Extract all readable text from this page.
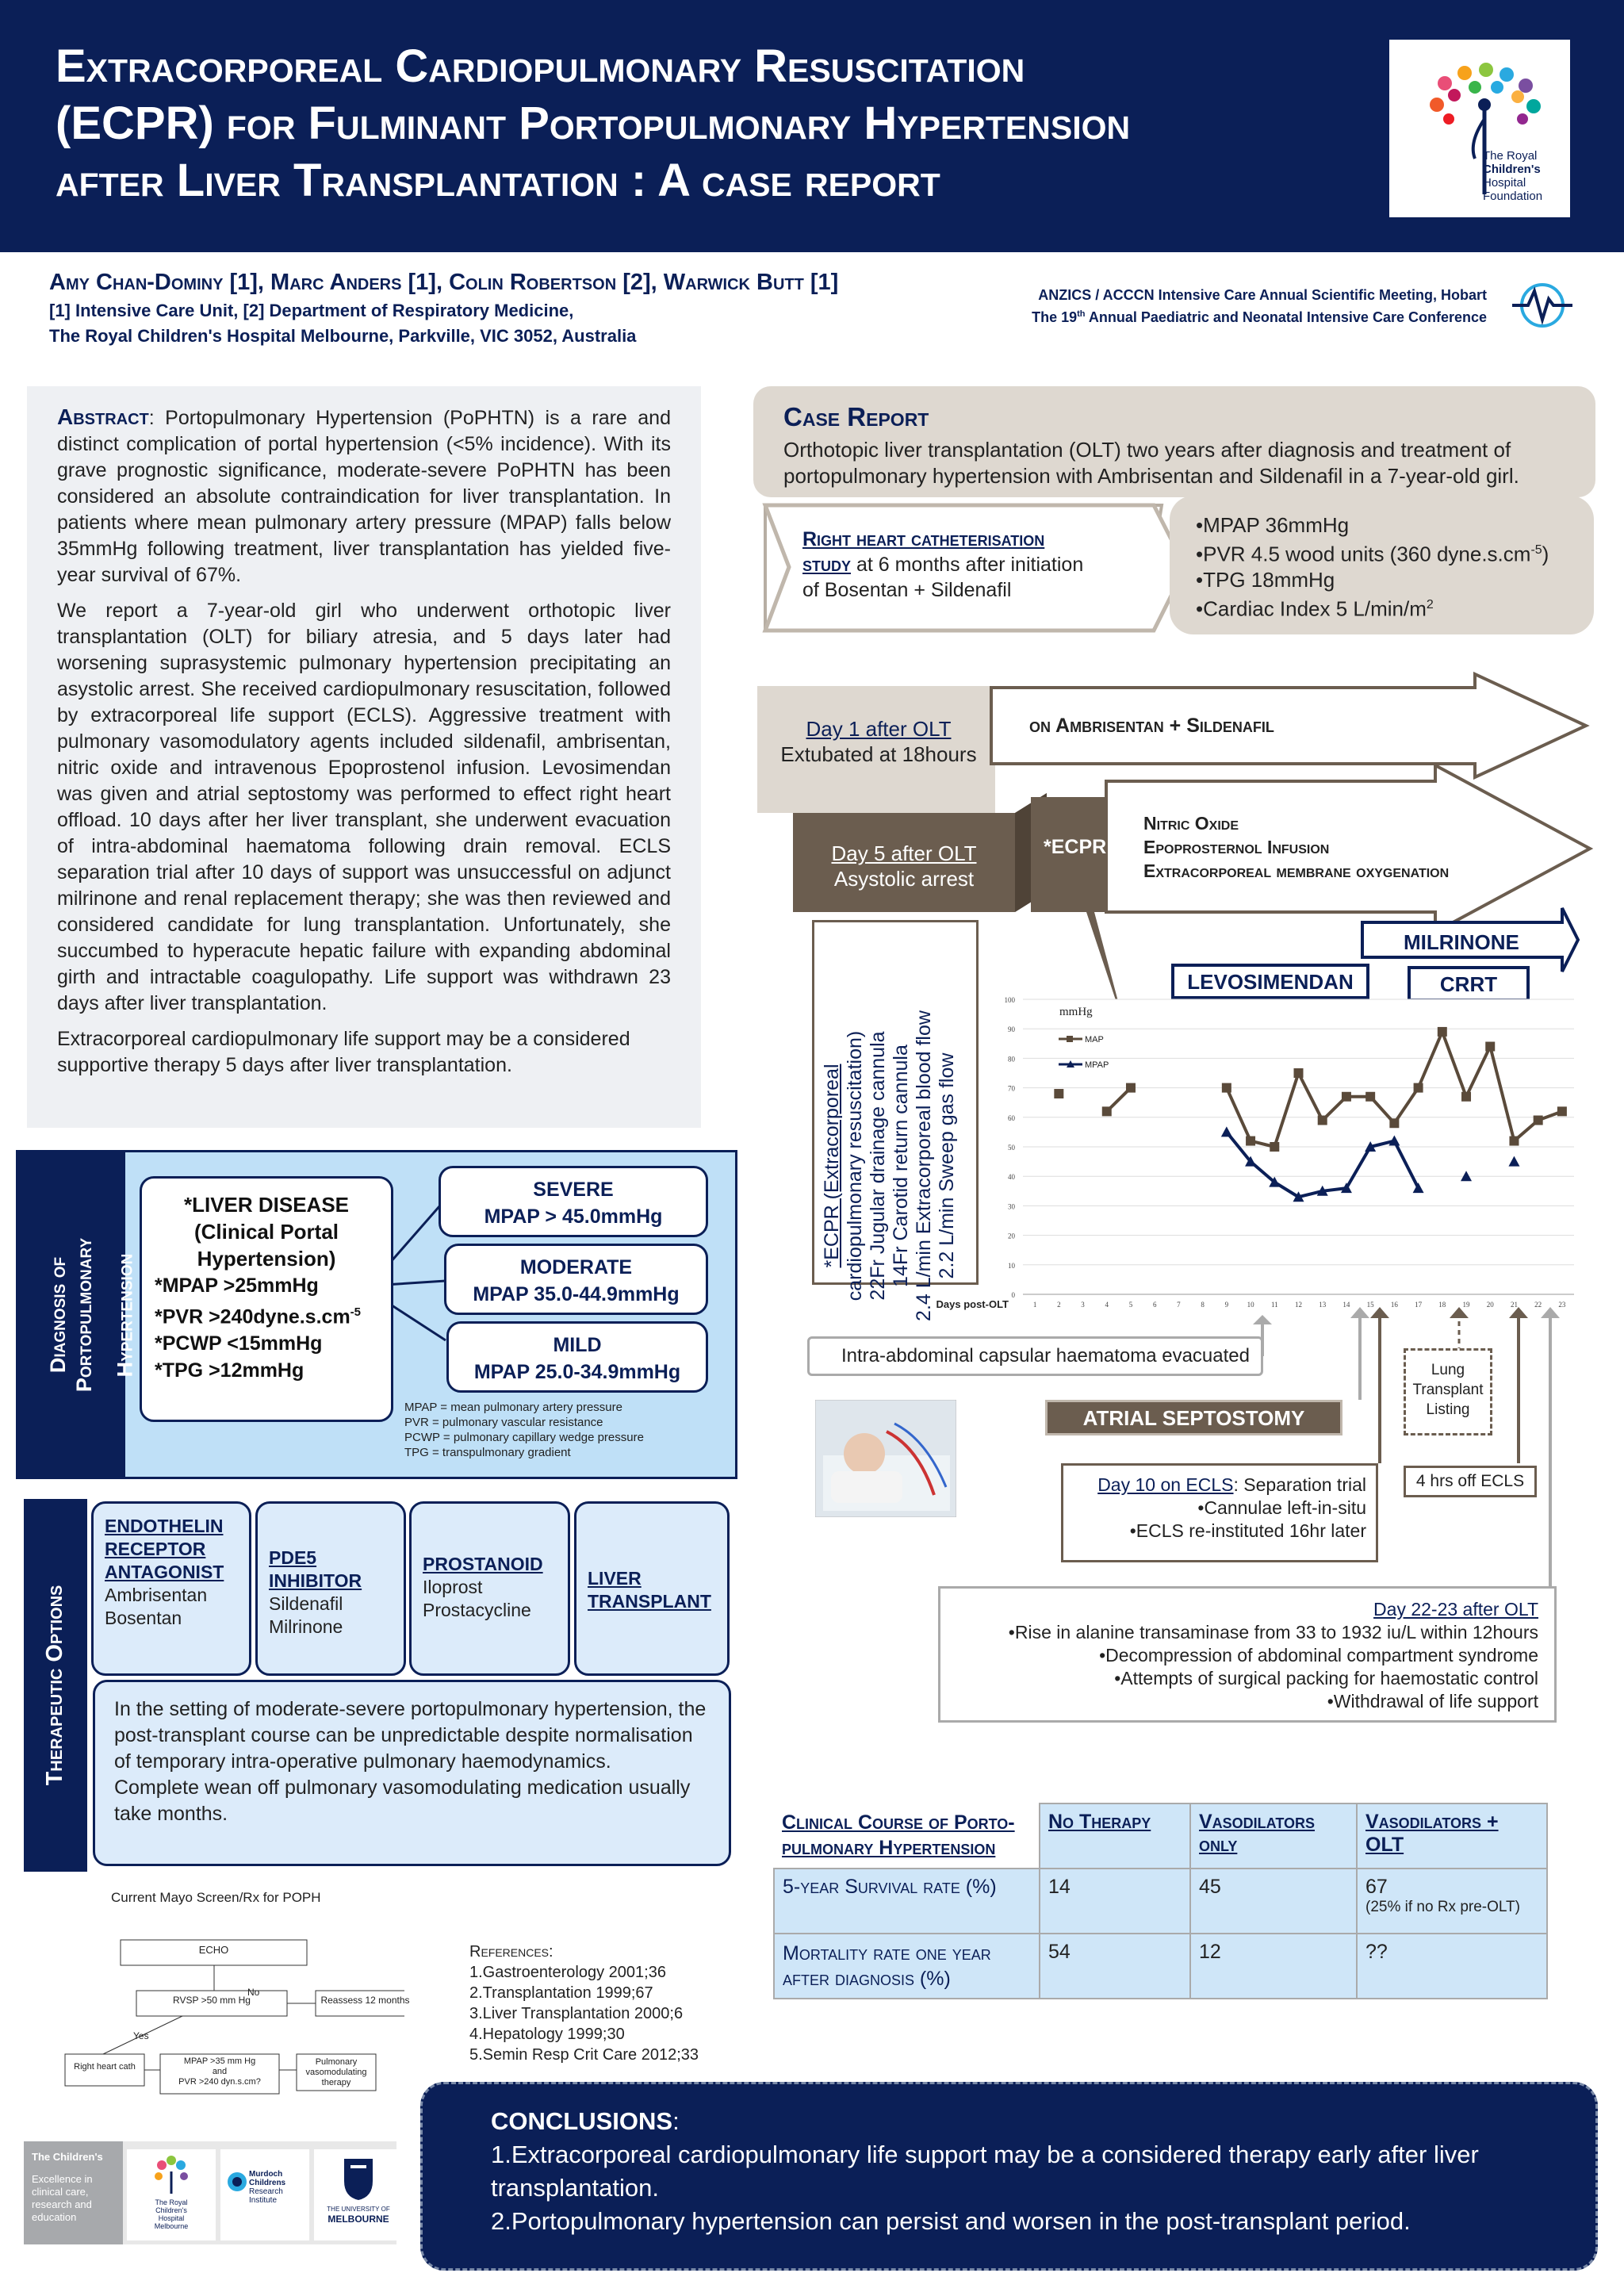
Extracorporeal Cardiopulmonary Resuscitation
(ECPR) for Fulminant Portopulmonary Hypertension
after Liver Transplantation : A case report	The Royal
Children's
Hospital
Foundation
Amy Chan-Dominy [1], Marc Anders [1], Colin Robertson [2], Warwick Butt [1]
[1] Intensive Care Unit, [2] Department of Respiratory Medicine,
The Royal Children's Hospital Melbourne, Parkville, VIC 3052, Australia
ANZICS / ACCCN Intensive Care Annual Scientific Meeting, Hobart
The 19th Annual Paediatric and Neonatal Intensive Care Conference

Abstract: Portopulmonary Hypertension (PoPHTN) is a rare and distinct complication of portal hypertension (<5% incidence). With its grave prognostic significance, moderate-severe PoPHTN has been considered an absolute contraindication for liver transplantation. In patients where mean pulmonary artery pressure (MPAP) falls below 35mmHg following treatment, liver transplantation has yielded five-year survival of 67%.

We report a 7-year-old girl who underwent orthotopic liver transplantation (OLT) for biliary atresia, and 5 days later had worsening suprasystemic pulmonary hypertension precipitating an asystolic arrest. She received cardiopulmonary resuscitation, followed by extracorporeal life support (ECLS). Aggressive treatment with pulmonary vasomodulatory agents included sildenafil, ambrisentan, nitric oxide and intravenous Epoprostenol infusion. Levosimendan was given and atrial septostomy was performed to effect right heart offload. 10 days after her liver transplant, she underwent evacuation of intra-abdominal haematoma following drain removal. ECLS separation trial after 10 days of support was unsuccessful on adjunct milrinone and renal replacement therapy; she was then reviewed and considered candidate for lung transplantation. Unfortunately, she succumbed to hyperacute hepatic failure with expanding abdominal girth and intractable coagulopathy. Life support was withdrawn 23 days after liver transplantation.

Extracorporeal cardiopulmonary life support may be a considered supportive therapy 5 days after liver transplantation.

Case Report
Orthotopic liver transplantation (OLT) two years after diagnosis and treatment of portopulmonary hypertension with Ambrisentan and Sildenafil in a 7-year-old girl.
Right heart catheterisation
study at 6 months after initiation
of Bosentan + Sildenafil
•MPAP 36mmHg
•PVR 4.5 wood units (360 $dyne.s.cm^{-5}$)
•TPG 18mmHg
•Cardiac Index 5 $L/\min/m^2$
Day 1 after OLT
Extubated at 18hours
on Ambrisentan + Sildenafil
Day 5 after OLT
Asystolic arrest
*ECPR
Nitric Oxide
Epoprosternol Infusion
Extracorporeal membrane oxygenation
MILRINONE
LEVOSIMENDAN	CRRT
*ECPR (Extracorporeal cardiopulmonary resuscitation) 22Fr Jugular drainage cannula 14Fr Carotid return cannula 2.4 L/min Extracorporeal blood flow 2.2 L/min Sweep gas flow
0
10
20
30
40
50
60
70
80
90
100
1	2	3	4	5	6	7	8	9	10 11 12 13 14 15 16 17 18 19 20 21 22 23
Days post-OLT
mmHg
MAP
MPAP
Intra-abdominal capsular haematoma evacuated
ATRIAL SEPTOSTOMY
Lung
Transplant
Listing
Day 10 on ECLS: Separation trial
•Cannulae left-in-situ
•ECLS re-instituted 16hr later
4 hrs off ECLS
Day 22-23 after OLT
•Rise in alanine transaminase from 33 to 1932 iu/L within 12hours
•Decompression of abdominal compartment syndrome
•Attempts of surgical packing for haemostatic control
•Withdrawal of life support
Diagnosis of Portopulmonary Hypertension
*LIVER DISEASE
(Clinical Portal
Hypertension)
*MPAP >25mmHg
$*PVR >240dyne.s.cm^{-5}$
*PCWP <15mmHg
*TPG >12mmHg
SEVERE
MPAP > 45.0mmHg
MODERATE
MPAP 35.0-44.9mmHg
MILD
MPAP 25.0-34.9mmHg
MPAP = mean pulmonary artery pressure
PVR = pulmonary vascular resistance
PCWP = pulmonary capillary wedge pressure
TPG = transpulmonary gradient
Therapeutic Options
ENDOTHELIN RECEPTOR ANTAGONIST
Ambrisentan
Bosentan
PDE5 INHIBITOR
Sildenafil
Milrinone
PROSTANOID
Iloprost
Prostacycline
LIVER TRANSPLANT
In the setting of moderate-severe portopulmonary hypertension, the post-transplant course can be unpredictable despite normalisation of temporary intra-operative pulmonary haemodynamics.
Complete wean off pulmonary vasomodulating medication usually take months.
Current Mayo Screen/Rx for POPH
ECHO
RVSP >50 mm Hg
No
Reassess 12 months
Yes
Right heart cath
MPAP >35 mm Hg
and
PVR >240 dyn.s.cm?
Pulmonary vasomodulating therapy
References:
1.Gastroenterology 2001;36
2.Transplantation 1999;67
3.Liver Transplantation 2000;6
4.Hepatology 1999;30
5.Semin Resp Crit Care 2012;33
Clinical Course of Porto-pulmonary Hypertension	No Therapy	Vasodilators only	Vasodilators + OLT
5-year Survival rate (%)	14	45	67
(25% if no Rx pre-OLT)

Mortality rate one year after diagnosis (%)	54	12	??
The Children's
Excellence in
clinical care,
research and
education
The Royal
Children's
Hospital
Melbourne
Murdoch
Childrens
Research
Institute
THE UNIVERSITY OF
MELBOURNE
CONCLUSIONS:
1.Extracorporeal cardiopulmonary life support may be a considered therapy early after liver transplantation.
2.Portopulmonary hypertension can persist and worsen in the post-transplant period.
